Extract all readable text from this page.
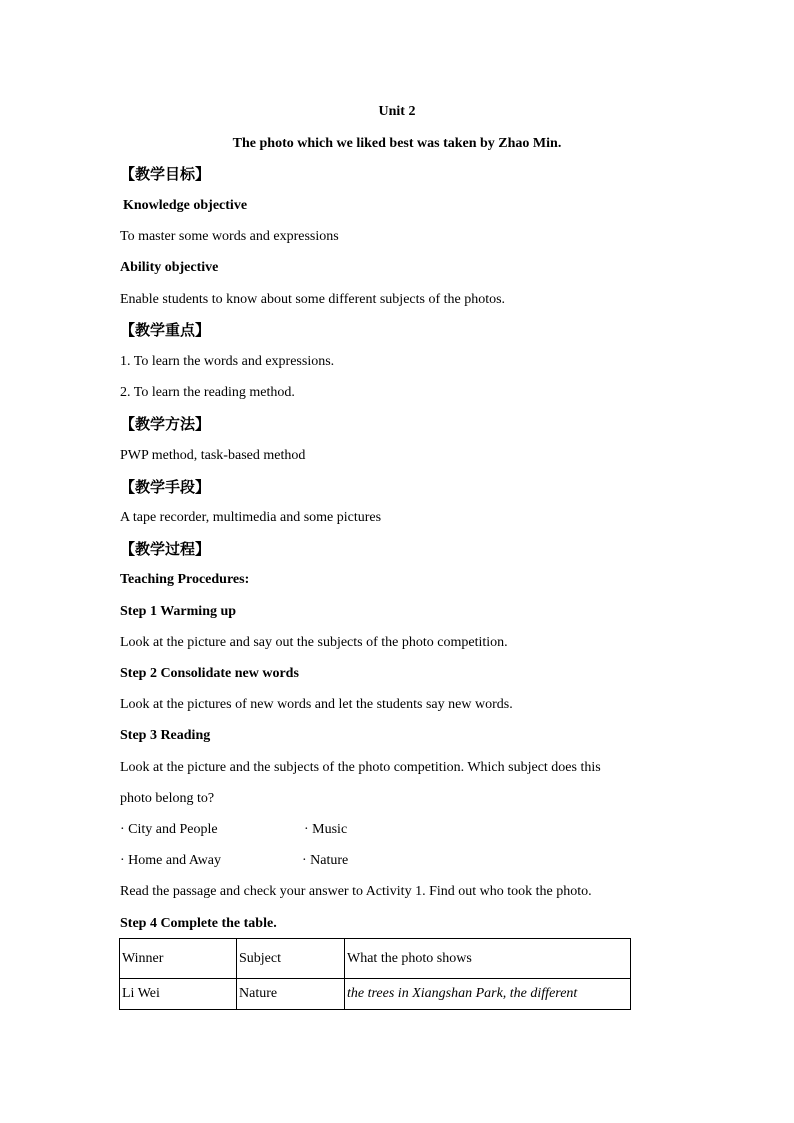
Unit 2
The photo which we liked best was taken by Zhao Min.
【教学目标】
Knowledge objective
To master some words and expressions
Ability objective
Enable students to know about some different subjects of the photos.
【教学重点】
1. To learn the words and expressions.
2. To learn the reading method.
【教学方法】
PWP method, task-based method
【教学手段】
A tape recorder, multimedia and some pictures
【教学过程】
Teaching Procedures:
Step 1 Warming up
Look at the picture and say out the subjects of the photo competition.
Step 2 Consolidate new words
Look at the pictures of new words and let the students say new words.
Step 3 Reading
Look at the picture and the subjects of the photo competition. Which subject does this
photo belong to?
· City and People	· Music
· Home and Away	· Nature
Read the passage and check your answer to Activity 1. Find out who took the photo.
Step 4 Complete the table.
Winner	Subject	What the photo shows
Li Wei	Nature	the trees in Xiangshan Park, the different
